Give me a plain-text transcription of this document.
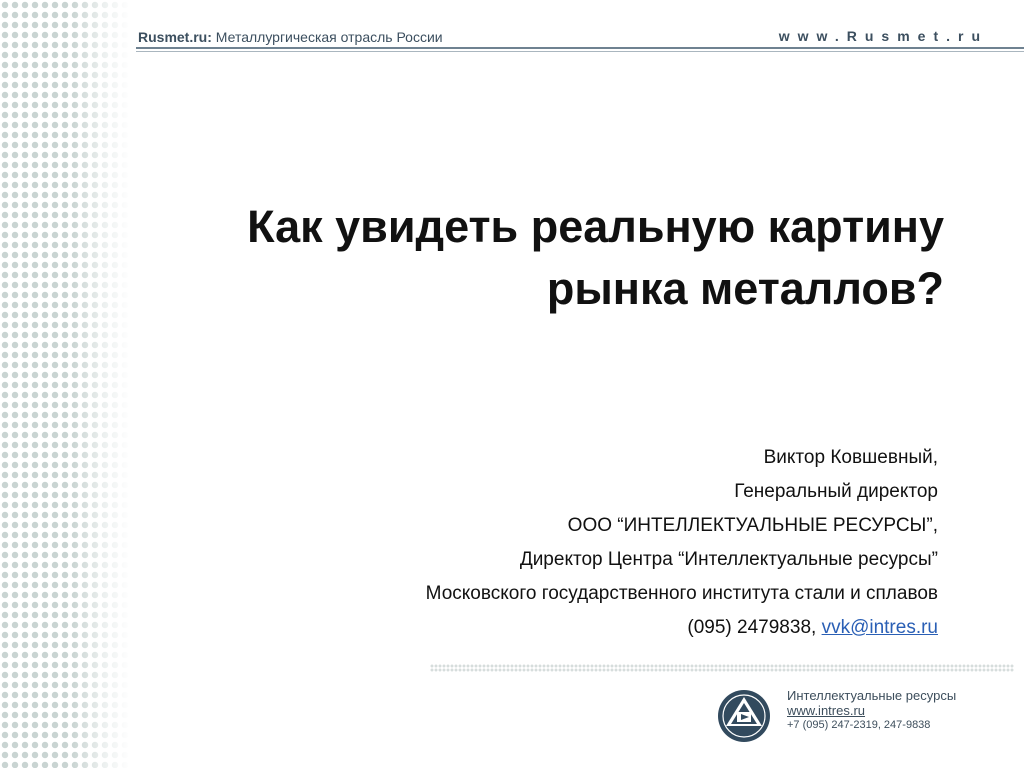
Rusmet.ru: Металлургическая отрасль России	www.Rusmet.ru
Как увидеть реальную картину
рынка металлов?
Виктор Ковшевный,
Генеральный директор
ООО “ИНТЕЛЛЕКТУАЛЬНЫЕ РЕСУРСЫ”,
Директор Центра “Интеллектуальные ресурсы”
Московского государственного института стали и сплавов
(095) 2479838, vvk@intres.ru
Интеллектуальные ресурсы
www.intres.ru
+7 (095) 247-2319, 247-9838
